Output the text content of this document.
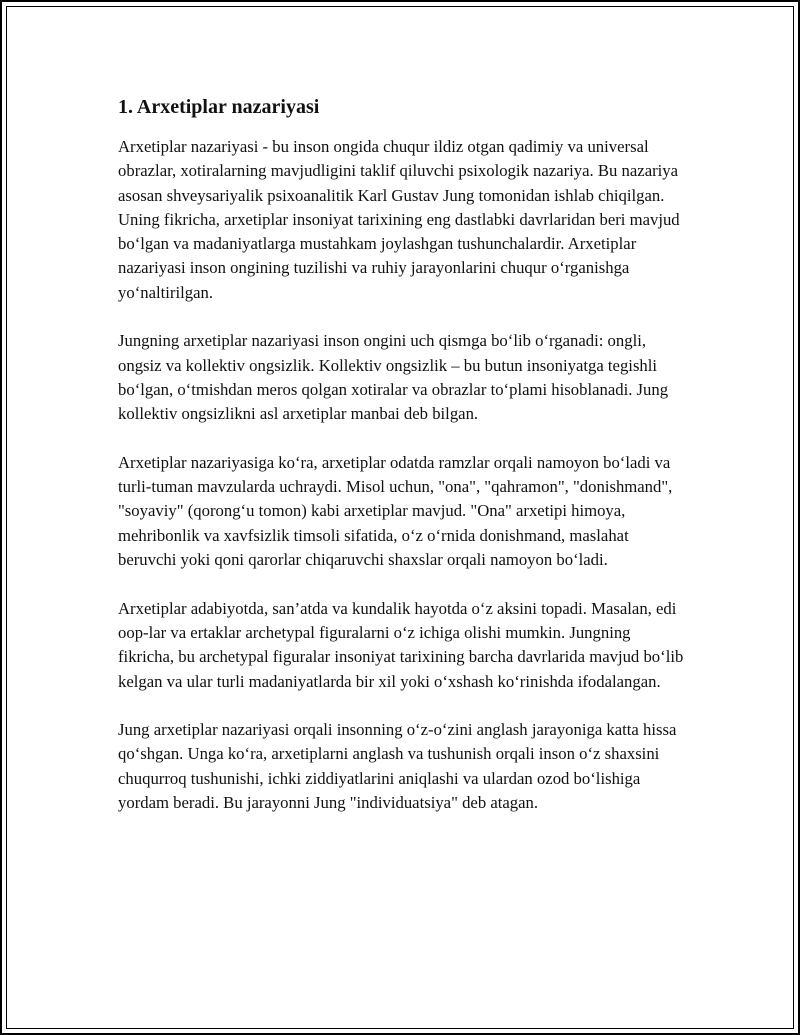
1. Arxetiplar nazariyasi

Arxetiplar nazariyasi - bu inson ongida chuqur ildiz otgan qadimiy va universal obrazlar, xotiralarning mavjudligini taklif qiluvchi psixologik nazariya. Bu nazariya asosan shveysariyalik psixoanalitik Karl Gustav Jung tomonidan ishlab chiqilgan. Uning fikricha, arxetiplar insoniyat tarixining eng dastlabki davrlaridan beri mavjud bo‘lgan va madaniyatlarga mustahkam joylashgan tushunchalardir. Arxetiplar nazariyasi inson ongining tuzilishi va ruhiy jarayonlarini chuqur o‘rganishga yo‘naltirilgan.

Jungning arxetiplar nazariyasi inson ongini uch qismga bo‘lib o‘rganadi: ongli, ongsiz va kollektiv ongsizlik. Kollektiv ongsizlik – bu butun insoniyatga tegishli bo‘lgan, o‘tmishdan meros qolgan xotiralar va obrazlar to‘plami hisoblanadi. Jung kollektiv ongsizlikni asl arxetiplar manbai deb bilgan.

Arxetiplar nazariyasiga ko‘ra, arxetiplar odatda ramzlar orqali namoyon bo‘ladi va turli-tuman mavzularda uchraydi. Misol uchun, "ona", "qahramon", "donishmand", "soyaviy" (qorong‘u tomon) kabi arxetiplar mavjud. "Ona" arxetipi himoya, mehribonlik va xavfsizlik timsoli sifatida, o‘z o‘rnida donishmand, maslahat beruvchi yoki qoni qarorlar chiqaruvchi shaxslar orqali namoyon bo‘ladi.

Arxetiplar adabiyotda, san’atda va kundalik hayotda o‘z aksini topadi. Masalan, edi oop-lar va ertaklar archetypal figuralarni o‘z ichiga olishi mumkin. Jungning fikricha, bu archetypal figuralar insoniyat tarixining barcha davrlarida mavjud bo‘lib kelgan va ular turli madaniyatlarda bir xil yoki o‘xshash ko‘rinishda ifodalangan.

Jung arxetiplar nazariyasi orqali insonning o‘z-o‘zini anglash jarayoniga katta hissa qo‘shgan. Unga ko‘ra, arxetiplarni anglash va tushunish orqali inson o‘z shaxsini chuqurroq tushunishi, ichki ziddiyatlarini aniqlashi va ulardan ozod bo‘lishiga yordam beradi. Bu jarayonni Jung "individuatsiya" deb atagan.
